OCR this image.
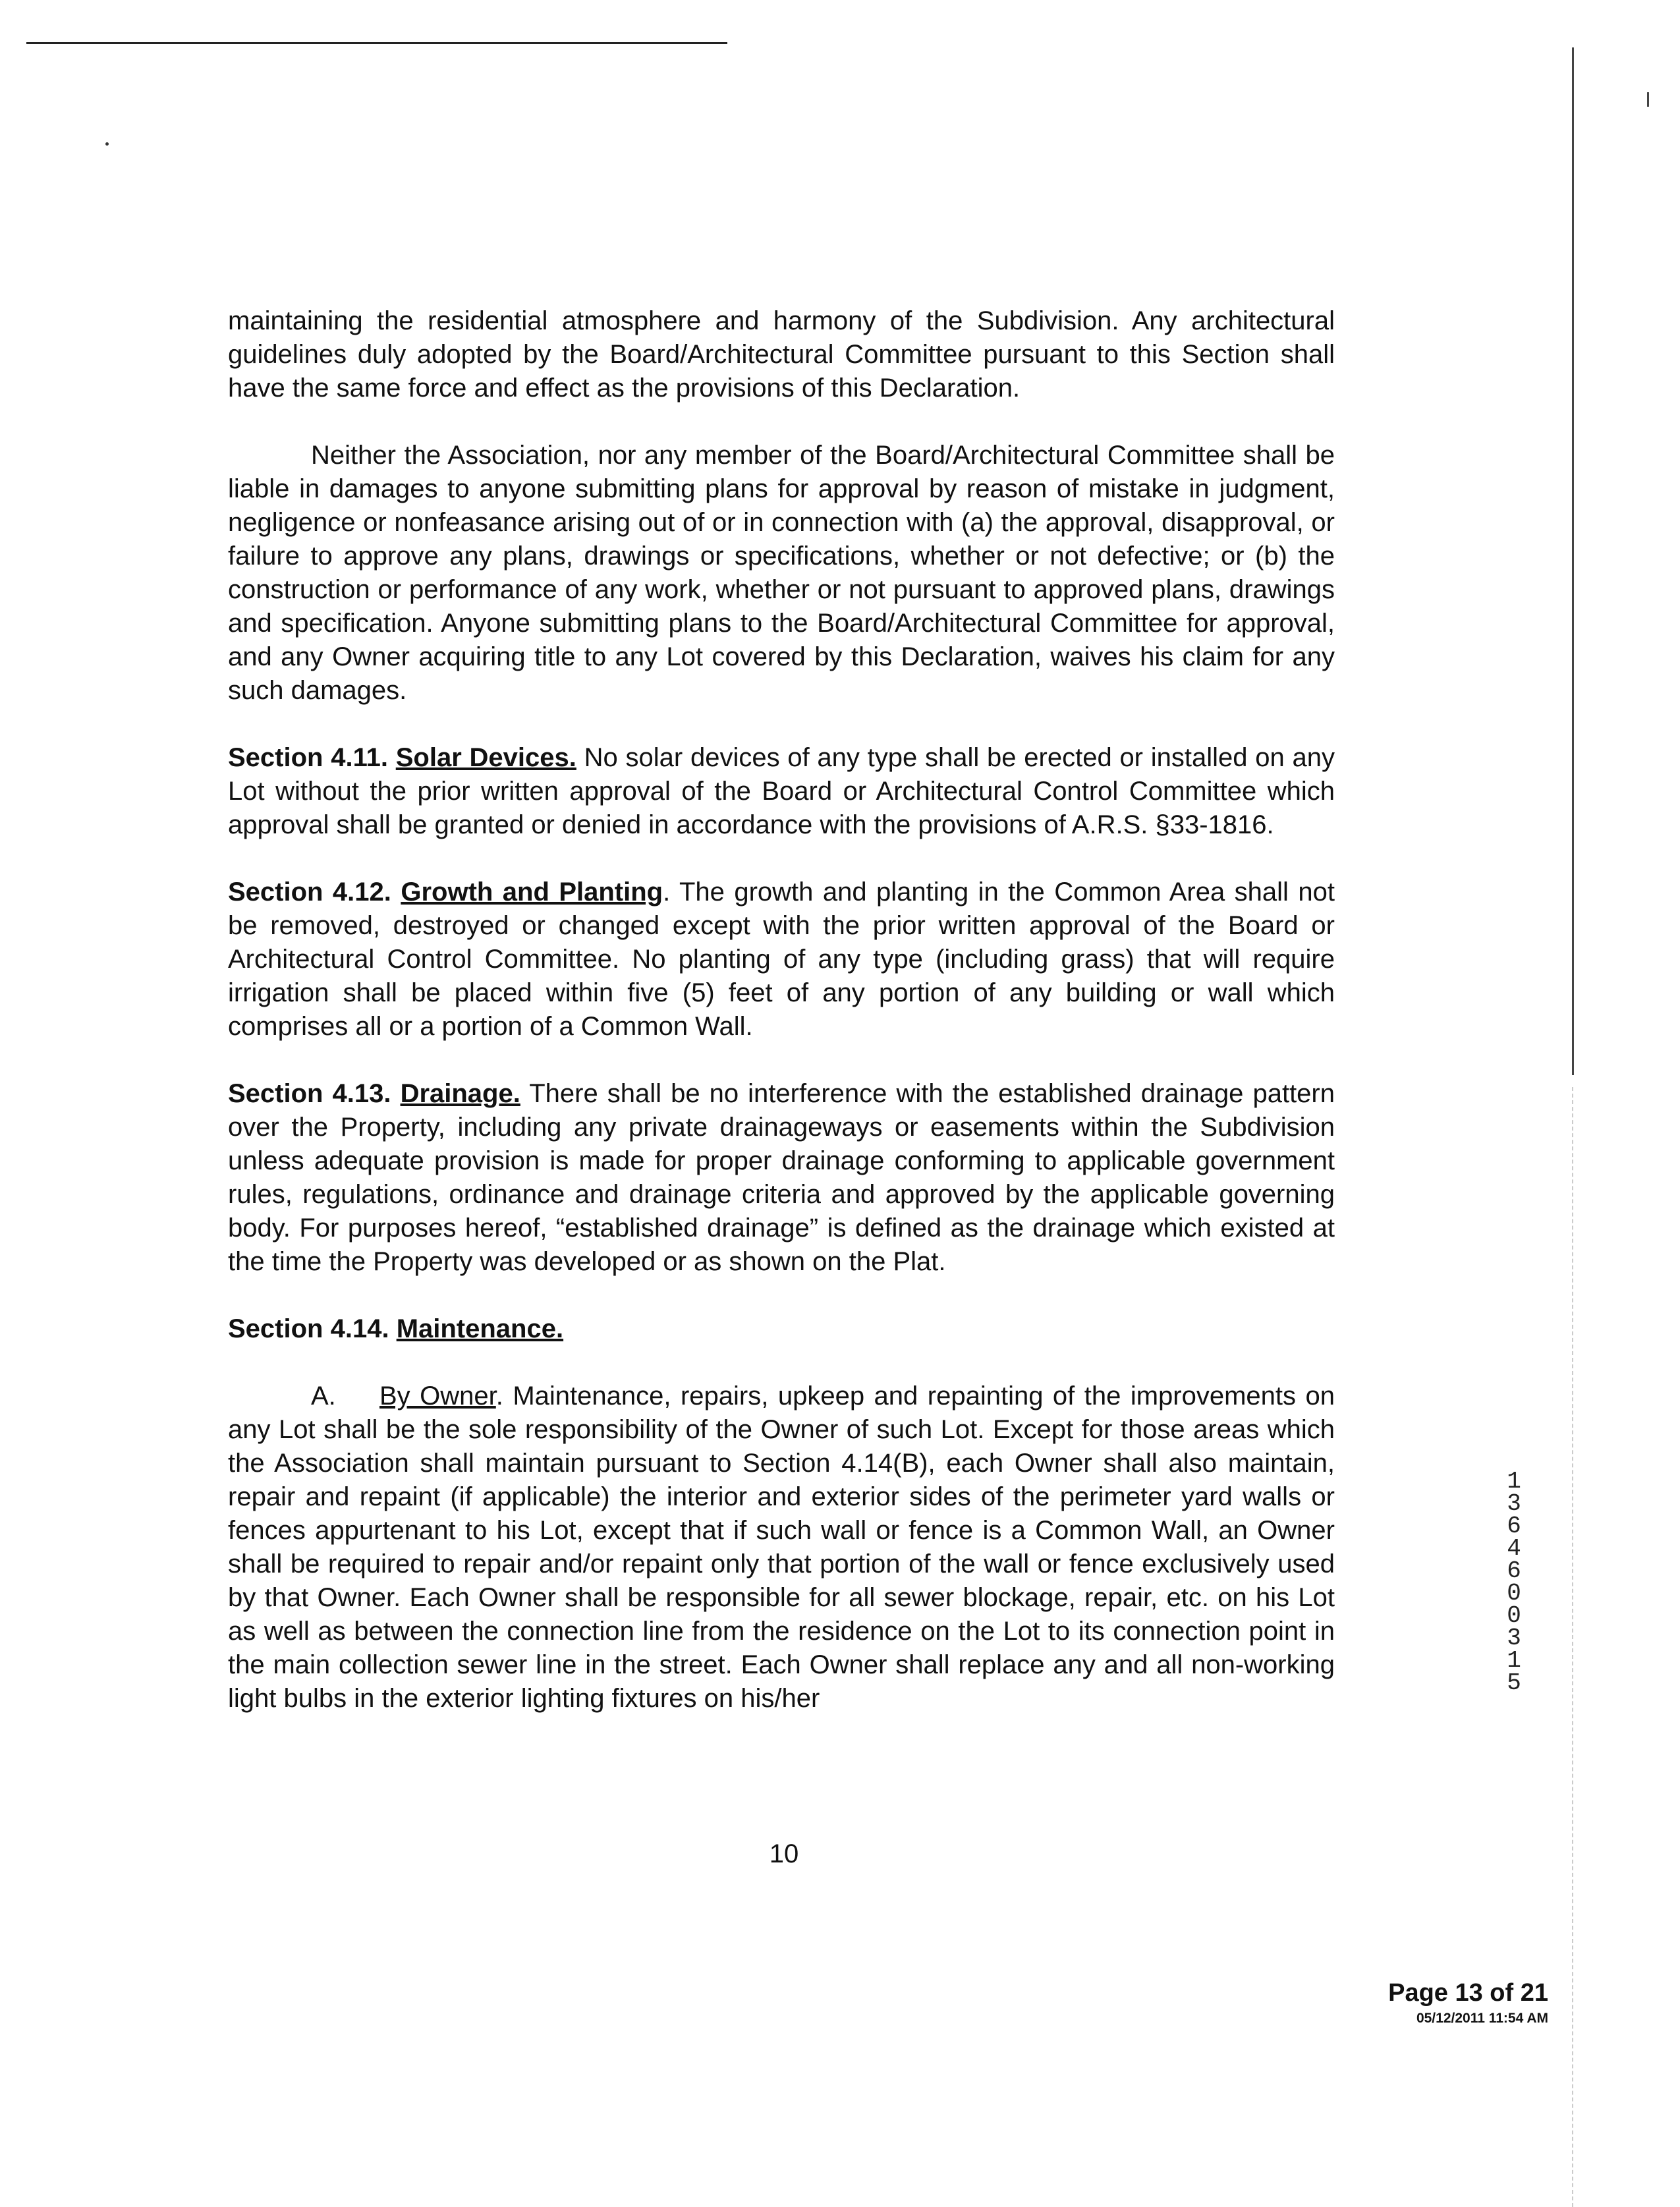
maintaining the residential atmosphere and harmony of the Subdivision. Any architectural guidelines duly adopted by the Board/Architectural Committee pursuant to this Section shall have the same force and effect as the provisions of this Declaration.

Neither the Association, nor any member of the Board/Architectural Committee shall be liable in damages to anyone submitting plans for approval by reason of mistake in judgment, negligence or nonfeasance arising out of or in connection with (a) the approval, disapproval, or failure to approve any plans, drawings or specifications, whether or not defective; or (b) the construction or performance of any work, whether or not pursuant to approved plans, drawings and specification. Anyone submitting plans to the Board/Architectural Committee for approval, and any Owner acquiring title to any Lot covered by this Declaration, waives his claim for any such damages.

Section 4.11. Solar Devices. No solar devices of any type shall be erected or installed on any Lot without the prior written approval of the Board or Architectural Control Committee which approval shall be granted or denied in accordance with the provisions of A.R.S. §33-1816.

Section 4.12. Growth and Planting. The growth and planting in the Common Area shall not be removed, destroyed or changed except with the prior written approval of the Board or Architectural Control Committee. No planting of any type (including grass) that will require irrigation shall be placed within five (5) feet of any portion of any building or wall which comprises all or a portion of a Common Wall.

Section 4.13. Drainage. There shall be no interference with the established drainage pattern over the Property, including any private drainageways or easements within the Subdivision unless adequate provision is made for proper drainage conforming to applicable government rules, regulations, ordinance and drainage criteria and approved by the applicable governing body. For purposes hereof, “established drainage” is defined as the drainage which existed at the time the Property was developed or as shown on the Plat.

Section 4.14. Maintenance.

A. By Owner. Maintenance, repairs, upkeep and repainting of the improvements on any Lot shall be the sole responsibility of the Owner of such Lot. Except for those areas which the Association shall maintain pursuant to Section 4.14(B), each Owner shall also maintain, repair and repaint (if applicable) the interior and exterior sides of the perimeter yard walls or fences appurtenant to his Lot, except that if such wall or fence is a Common Wall, an Owner shall be required to repair and/or repaint only that portion of the wall or fence exclusively used by that Owner. Each Owner shall be responsible for all sewer blockage, repair, etc. on his Lot as well as between the connection line from the residence on the Lot to its connection point in the main collection sewer line in the street. Each Owner shall replace any and all non-working light bulbs in the exterior lighting fixtures on his/her

10
13646 00315
Page 13 of 21
05/12/2011 11:54 AM
